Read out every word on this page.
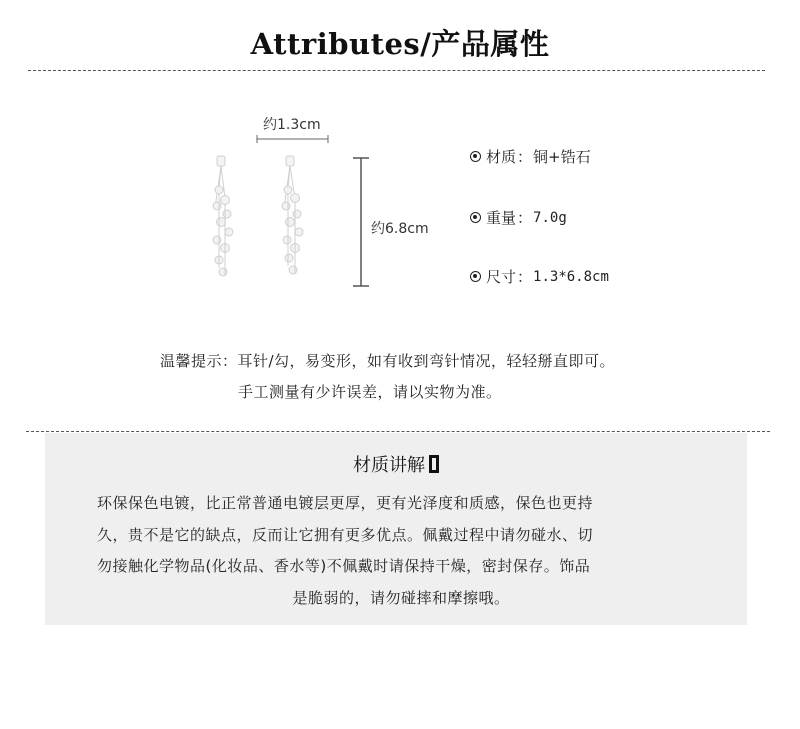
Attributes/产品属性
约1.3cm
约6.8cm
材质 ： 铜+锆石
重量 ： 7.0g
尺寸 ： 1.3*6.8cm

温馨提示：耳针/勾，易变形，如有收到弯针情况，轻轻掰直即可。

手工测量有少许误差，请以实物为准。

材质讲解
环保保色电镀，比正常普通电镀层更厚，更有光泽度和质感，保色也更持
久，贵不是它的缺点，反而让它拥有更多优点。佩戴过程中请勿碰水、切
勿接触化学物品(化妆品、香水等)不佩戴时请保持干燥，密封保存。饰品
是脆弱的，请勿碰摔和摩擦哦。
